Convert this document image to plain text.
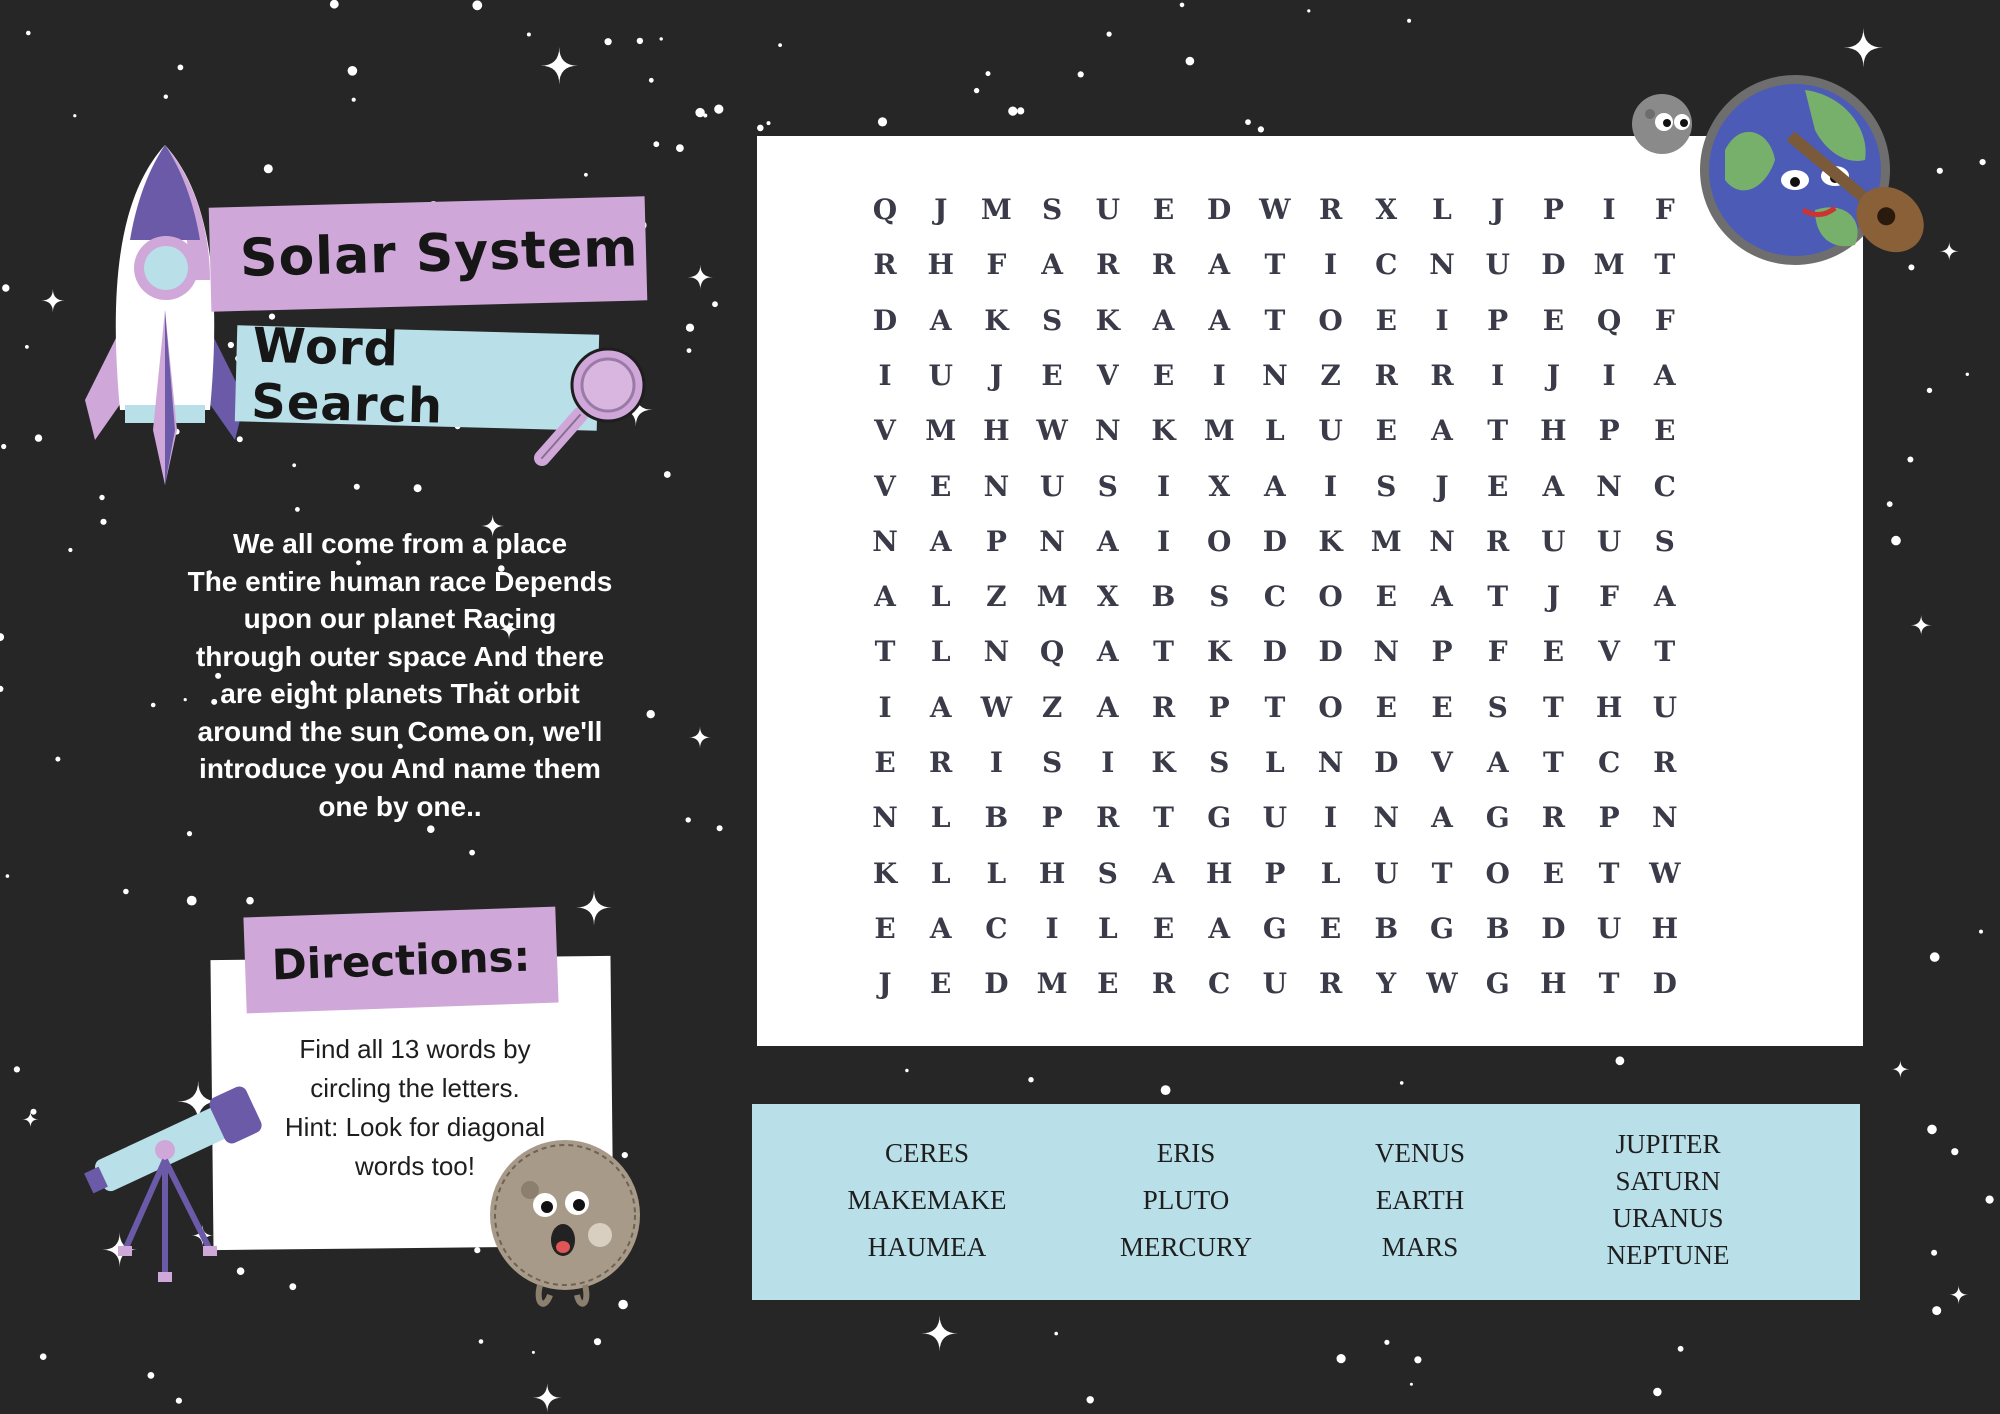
Solar System
Word Search
We all come from a place
The entire human race Depends
upon our planet Racing
through outer space And there
are eight planets That orbit
around the sun Come on, we'll
introduce you And name them
one by one..
Directions:
Find all 13 words by
circling the letters.
Hint: Look for diagonal
words too!
Q	J	M	S	U	E	D W R	X	L	J	P	I	F
R H	F	A	R R	A	T	I	C	N U D M	T
D	A	K	S	K	A	A	T	O	E	I	P	E	Q	F
I	U	J	E	V	E	I	N	Z	R R	I	J	I	A
V	M H W N K M	L	U	E	A	T	H	P	E
V	E	N U	S	I	X	A	I	S	J	E	A	N	C
N	A	P	N	A	I	O D K M N R U U	S
A	L	Z	M	X	B	S	C	O	E	A	T	J	F	A
T	L	N Q	A	T	K D D N	P	F	E	V	T
I	A	W	Z	A	R	P	T	O	E	E	S	T	H U
E	R	I	S	I	K	S	L	N D	V	A	T	C	R
N	L	B	P	R	T	G U	I	N	A	G R	P	N
K	L	L	H	S	A	H	P	L	U	T	O	E	T	W
E	A	C	I	L	E	A	G	E	B G B D U H
J	E	D M	E	R	C	U R	Y	W G H	T	D
CERES
MAKEMAKE
HAUMEA
ERIS
PLUTO
MERCURY
VENUS
EARTH
MARS
JUPITER
SATURN
URANUS
NEPTUNE
